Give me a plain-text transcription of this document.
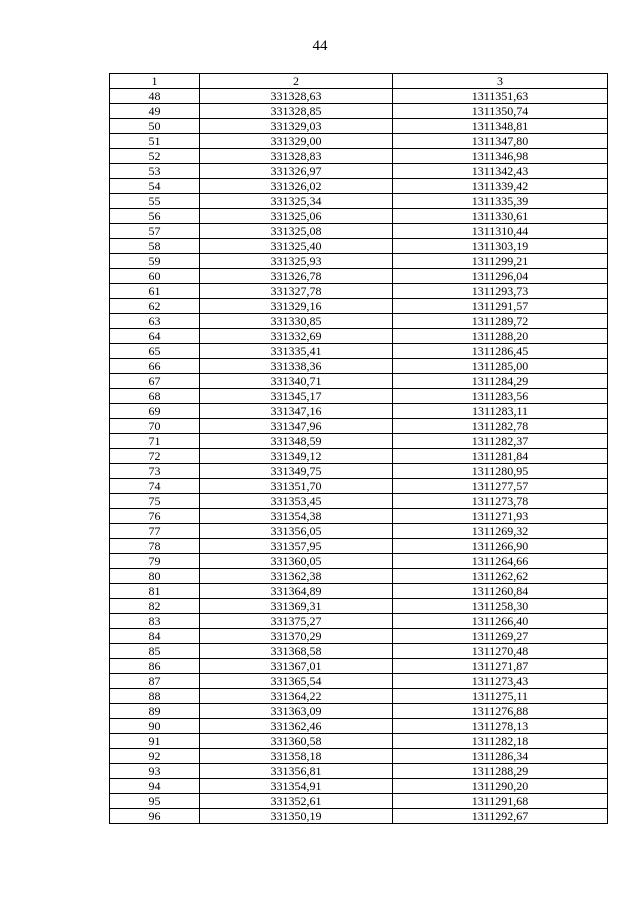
44
1	2	3
48	331328,63	1311351,63
49	331328,85	1311350,74
50	331329,03	1311348,81
51	331329,00	1311347,80
52	331328,83	1311346,98
53	331326,97	1311342,43
54	331326,02	1311339,42
55	331325,34	1311335,39
56	331325,06	1311330,61
57	331325,08	1311310,44
58	331325,40	1311303,19
59	331325,93	1311299,21
60	331326,78	1311296,04
61	331327,78	1311293,73
62	331329,16	1311291,57
63	331330,85	1311289,72
64	331332,69	1311288,20
65	331335,41	1311286,45
66	331338,36	1311285,00
67	331340,71	1311284,29
68	331345,17	1311283,56
69	331347,16	1311283,11
70	331347,96	1311282,78
71	331348,59	1311282,37
72	331349,12	1311281,84
73	331349,75	1311280,95
74	331351,70	1311277,57
75	331353,45	1311273,78
76	331354,38	1311271,93
77	331356,05	1311269,32
78	331357,95	1311266,90
79	331360,05	1311264,66
80	331362,38	1311262,62
81	331364,89	1311260,84
82	331369,31	1311258,30
83	331375,27	1311266,40
84	331370,29	1311269,27
85	331368,58	1311270,48
86	331367,01	1311271,87
87	331365,54	1311273,43
88	331364,22	1311275,11
89	331363,09	1311276,88
90	331362,46	1311278,13
91	331360,58	1311282,18
92	331358,18	1311286,34
93	331356,81	1311288,29
94	331354,91	1311290,20
95	331352,61	1311291,68
96	331350,19	1311292,67
